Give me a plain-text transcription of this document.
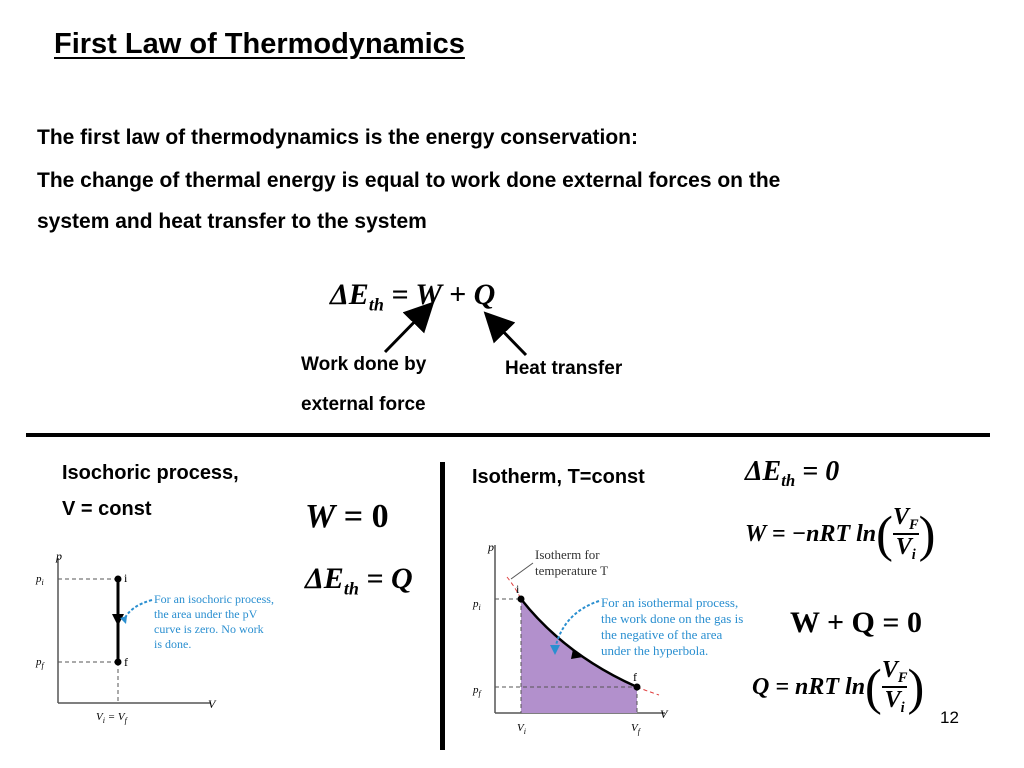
First Law of Thermodynamics
The first law of thermodynamics is the energy conservation:
The change of thermal energy is equal to work done external forces on the
system and heat transfer to the system
$\Delta E_{th} = W + Q$
Work done by
external force
Heat transfer
Isochoric process,
V = const	W = 0
$\Delta E_{th} = Q$
p
V
$p_i$
$p_f$
i
f
$V_i = V_f$
For an isochoric process,
the area under the pV
curve is zero. No work
is done.
Isotherm, T=const	$\Delta E_{th} = 0$
W = −nRT ln ( $\frac{V_F}{V_i}$ )
W + Q = 0
Q = nRT ln ( $\frac{V_F}{V_i}$ )
12
p
V
i
f
$p_i$
$p_f$
$V_i$	$V_f$
Isotherm for
temperature T
For an isothermal process,
the work done on the gas is
the negative of the area
under the hyperbola.
